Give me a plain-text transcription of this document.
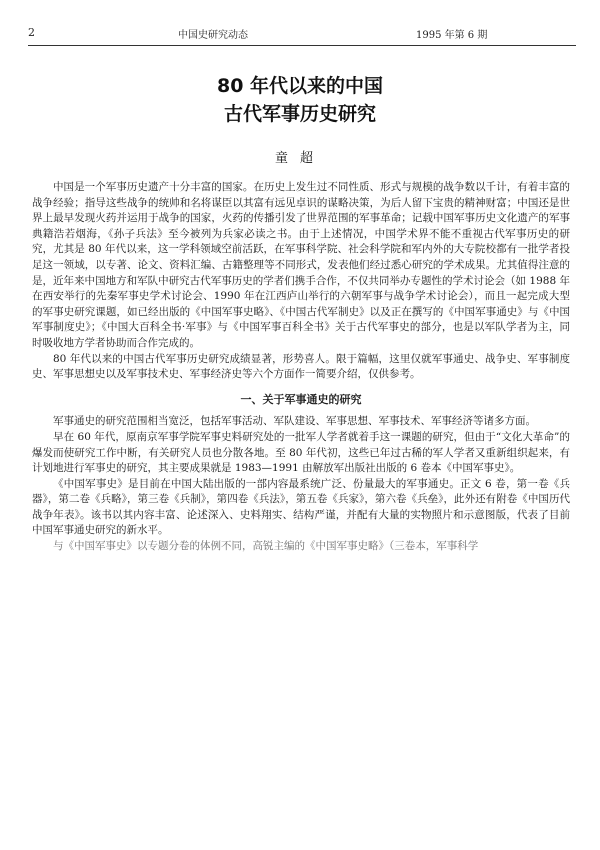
2	中国史研究动态	1995 年第 6 期
80 年代以来的中国
古代军事历史研究
童超

中国是一个军事历史遗产十分丰富的国家。在历史上发生过不同性质、形式与规模的战争数以千计，有着丰富的战争经验；指导这些战争的统帅和名将谋臣以其富有远见卓识的谋略决策，为后人留下宝贵的精神财富；中国还是世界上最早发现火药并运用于战争的国家，火药的传播引发了世界范围的军事革命；记载中国军事历史文化遗产的军事典籍浩若烟海，《孙子兵法》至今被列为兵家必读之书。由于上述情况，中国学术界不能不重视古代军事历史的研究，尤其是 80 年代以来，这一学科领域空前活跃，在军事科学院、社会科学院和军内外的大专院校都有一批学者投足这一领域，以专著、论文、资料汇编、古籍整理等不同形式，发表他们经过悉心研究的学术成果。尤其值得注意的是，近年来中国地方和军队中研究古代军事历史的学者们携手合作，不仅共同举办专题性的学术讨论会（如 1988 年在西安举行的先秦军事史学术讨论会、1990 年在江西庐山举行的六朝军事与战争学术讨论会），而且一起完成大型的军事史研究课题，如已经出版的《中国军事史略》、《中国古代军制史》以及正在撰写的《中国军事通史》与《中国军事制度史》；《中国大百科全书·军事》与《中国军事百科全书》关于古代军事史的部分，也是以军队学者为主，同时吸收地方学者协助而合作完成的。

80 年代以来的中国古代军事历史研究成绩显著，形势喜人。限于篇幅，这里仅就军事通史、战争史、军事制度史、军事思想史以及军事技术史、军事经济史等六个方面作一简要介绍，仅供参考。

一、关于军事通史的研究

军事通史的研究范围相当宽泛，包括军事活动、军队建设、军事思想、军事技术、军事经济等诸多方面。

早在 60 年代，原南京军事学院军事史料研究处的一批军人学者就着手这一课题的研究，但由于“文化大革命”的爆发而使研究工作中断，有关研究人员也分散各地。至 80 年代初，这些已年过古稀的军人学者又重新组织起来，有计划地进行军事史的研究，其主要成果就是 1983—1991 由解放军出版社出版的 6 卷本《中国军事史》。

《中国军事史》是目前在中国大陆出版的一部内容最系统广泛、份量最大的军事通史。正文 6 卷，第一卷《兵器》，第二卷《兵略》，第三卷《兵制》，第四卷《兵法》，第五卷《兵家》，第六卷《兵垒》，此外还有附卷《中国历代战争年表》。该书以其内容丰富、论述深入、史料翔实、结构严谨，并配有大量的实物照片和示意图版，代表了目前中国军事通史研究的新水平。

与《中国军事史》以专题分卷的体例不同，高锐主编的《中国军事史略》（三卷本，军事科学
